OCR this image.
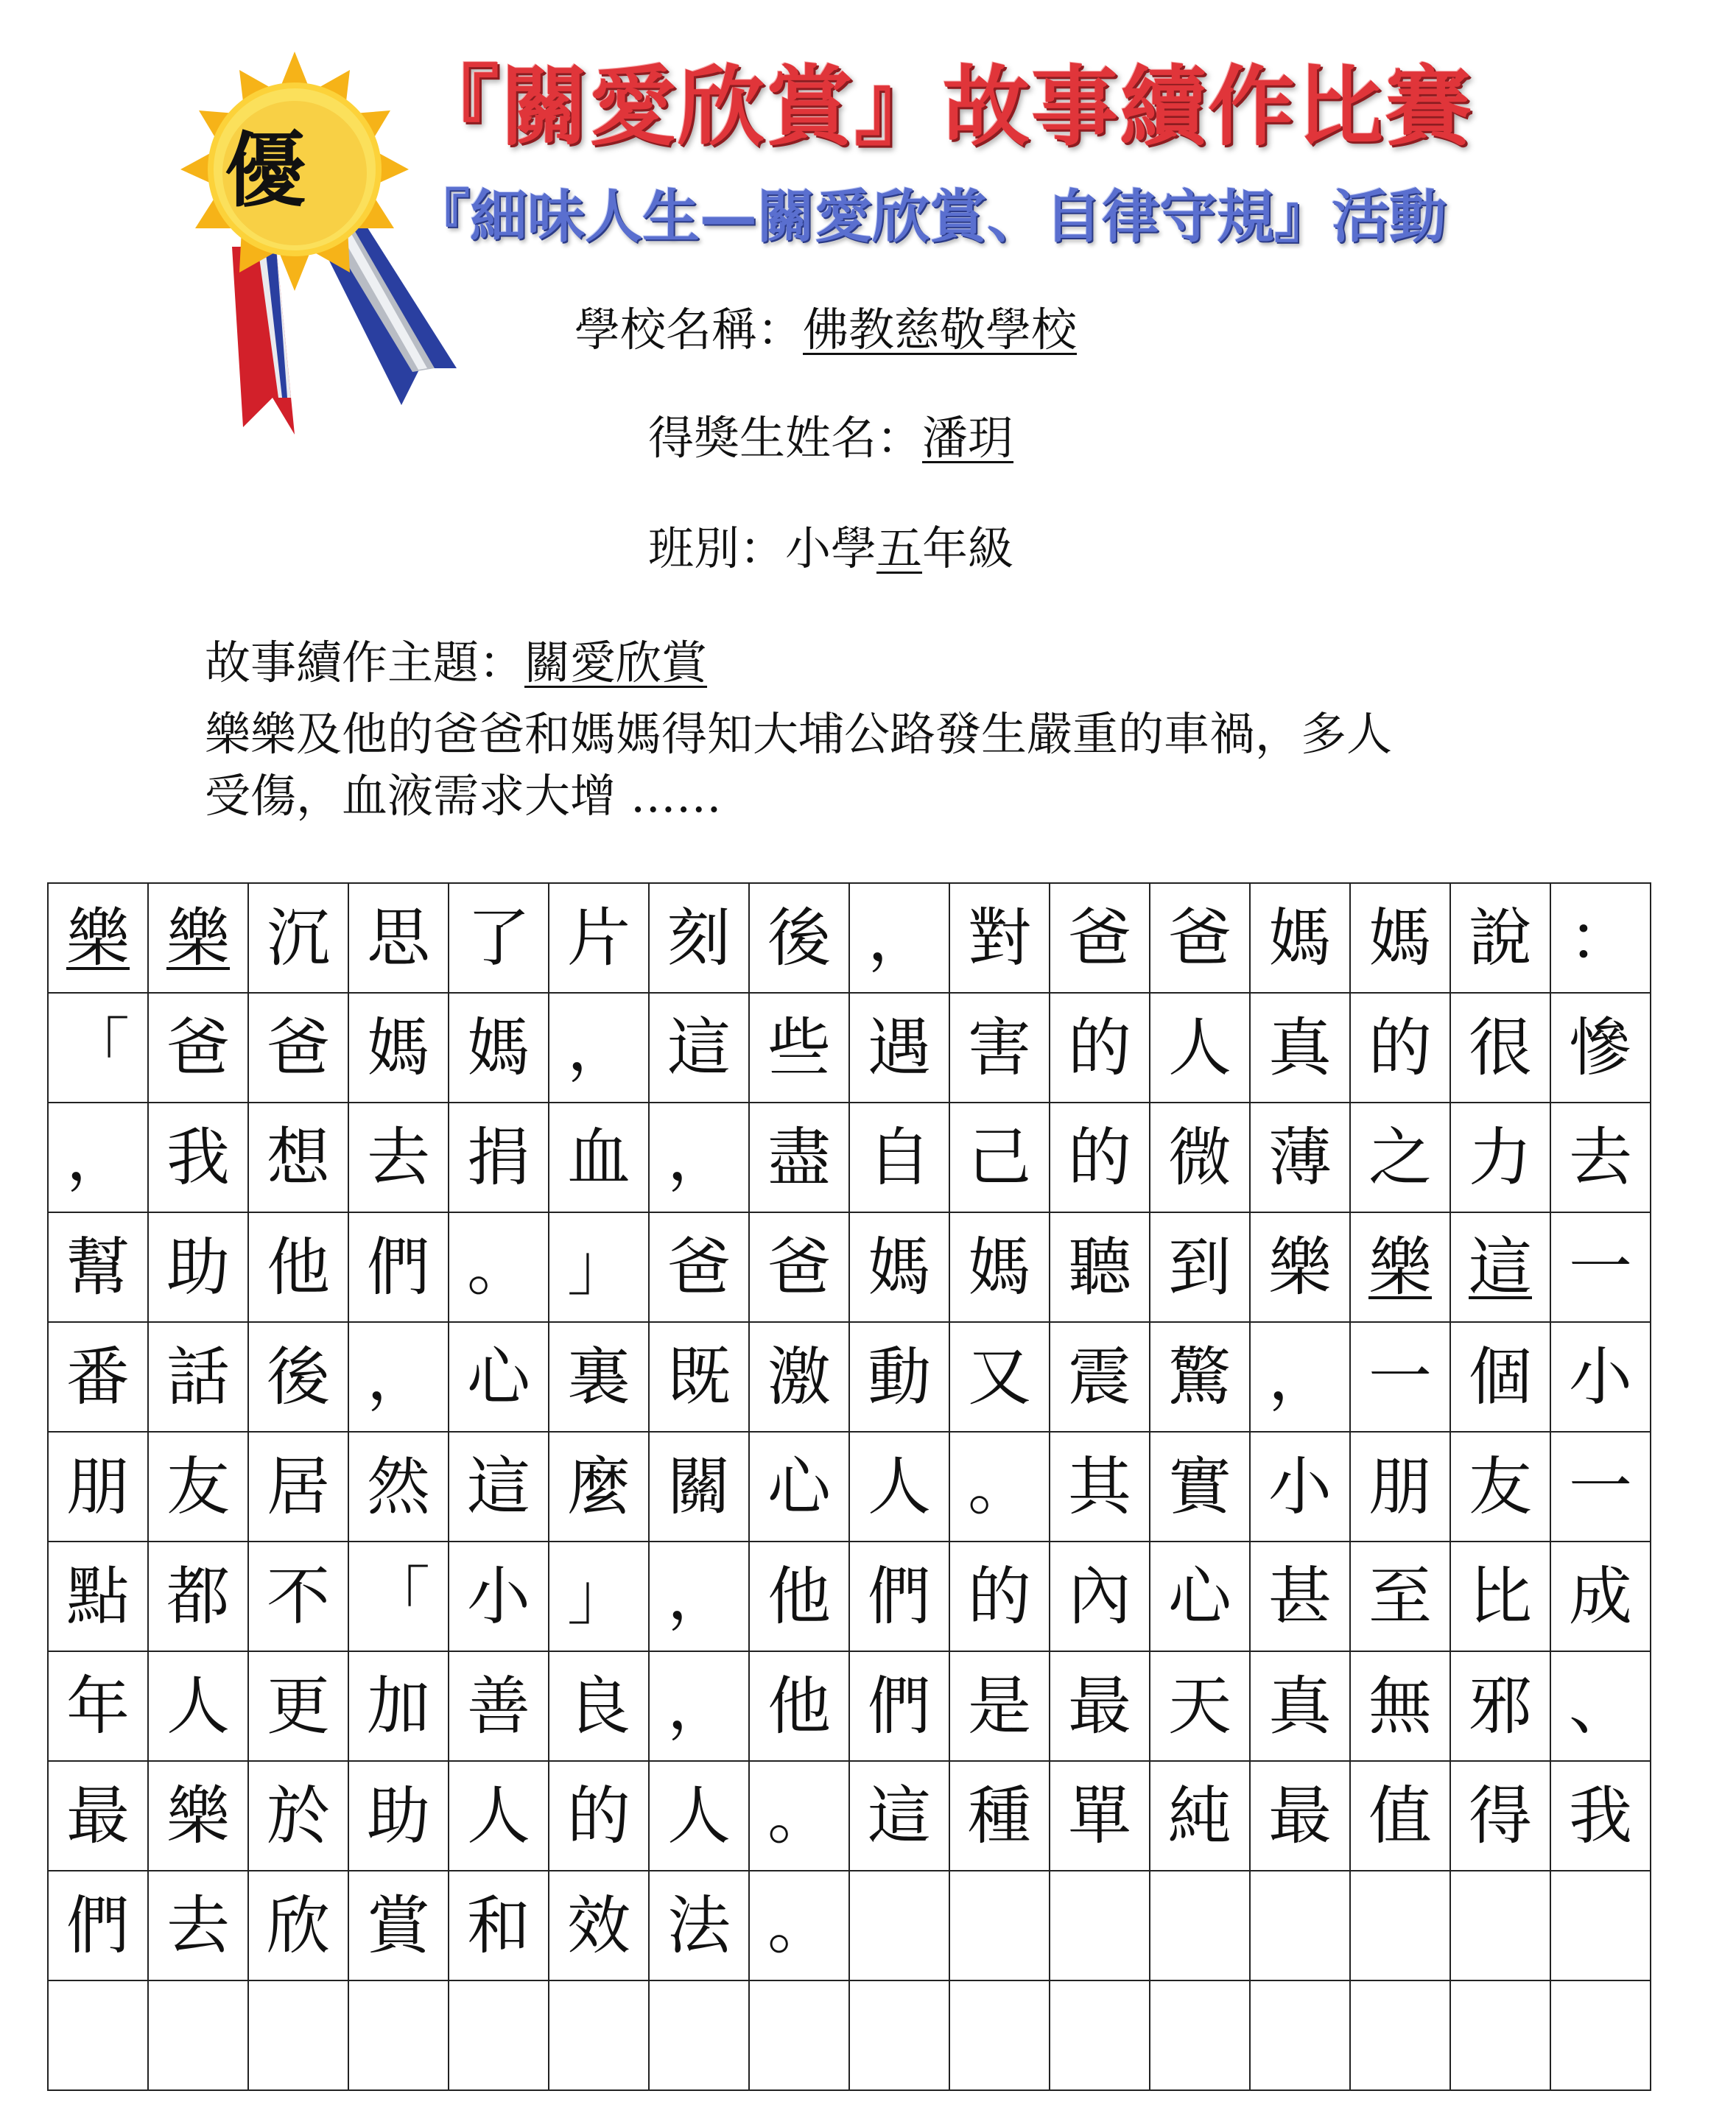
優
『關愛欣賞』故事續作比賽
『細味人生—關愛欣賞、自律守規』活動
學校名稱：佛教慈敬學校
得獎生姓名：潘玥
班別：小學五年級
故事續作主題：關愛欣賞
樂樂及他的爸爸和媽媽得知大埔公路發生嚴重的車禍，多人
受傷，血液需求大增 ……
樂	樂	沉	思	了	片	刻	後	，	對	爸	爸	媽	媽	說	：
「	爸	爸	媽	媽	，	這	些	遇	害	的	人	真	的	很	慘
，	我	想	去	捐	血	，	盡	自	己	的	微	薄	之	力	去
幫	助	他	們	。	」	爸	爸	媽	媽	聽	到	樂	樂	這	一
番	話	後	，	心	裏	既	激	動	又	震	驚	，	一	個	小
朋	友	居	然	這	麼	關	心	人	。	其	實	小	朋	友	一
點	都	不	「	小	」	，	他	們	的	內	心	甚	至	比	成
年	人	更	加	善	良	，	他	們	是	最	天	真	無	邪	、
最	樂	於	助	人	的	人	。	這	種	單	純	最	值	得	我
們	去	欣	賞	和	效	法	。								
